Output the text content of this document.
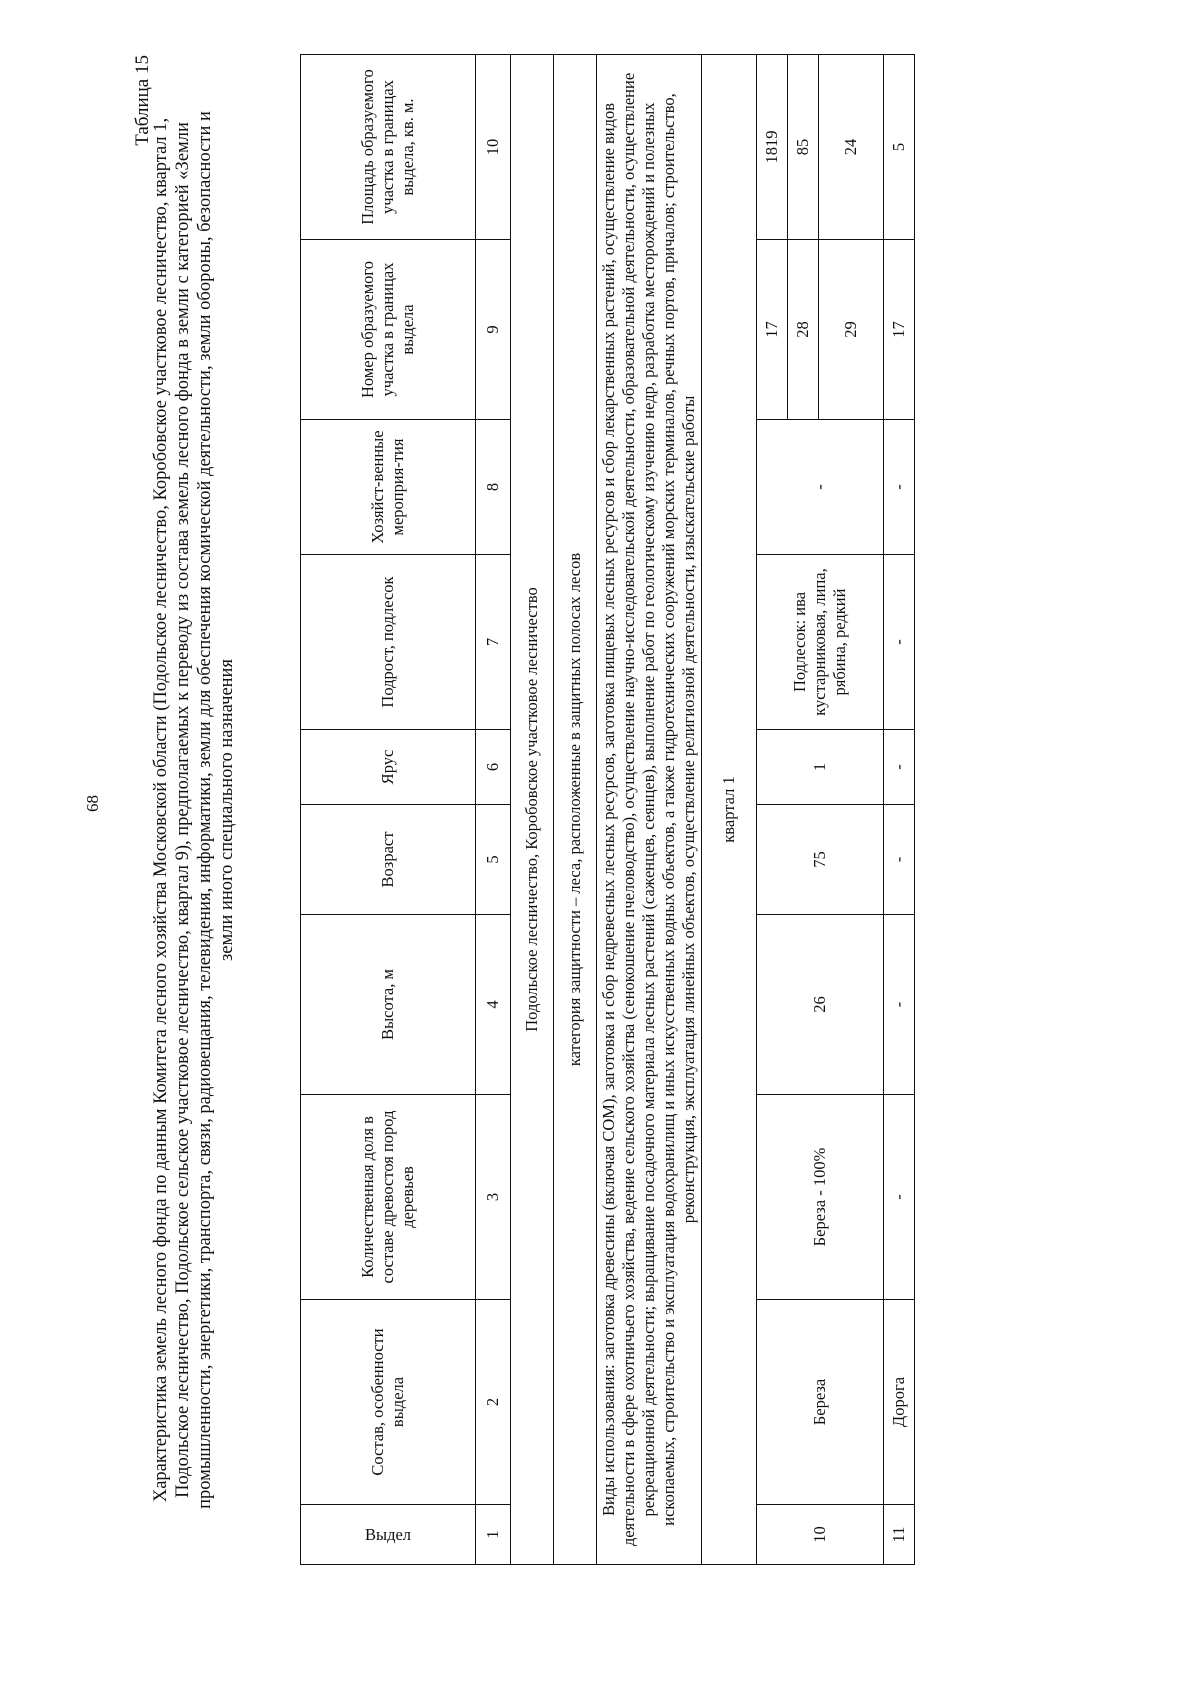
68
Таблица 15
Характеристика земель лесного фонда по данным Комитета лесного хозяйства Московской области (Подольское лесничество, Коробовское участковое лесничество, квартал 1, Подольское лесничество, Подольское сельское участковое лесничество, квартал 9), предполагаемых к переводу из состава земель лесного фонда в земли с категорией «Земли промышленности, энергетики, транспорта, связи, радиовещания, телевидения, информатики, земли для обеспечения космической деятельности, земли обороны, безопасности и земли иного специального назначения
Выдел	Состав, особенности выдела	Количественная доля в составе древостоя пород деревьев	Высота, м	Возраст	Ярус	Подрост, подлесок	Хозяйст-венные мероприя-тия	Номер образуемого участка в границах выдела	Площадь образуемого участка в границах выдела, кв. м.
1	2	3	4	5	6	7	8	9	10
Подольское лесничество, Коробовское участковое лесничество									
категория защитности – леса, расположенные в защитных полосах лесов									
Виды использования: заготовка древесины (включая СОМ), заготовка и сбор недревесных лесных ресурсов, заготовка пищевых лесных ресурсов и сбор лекарственных растений, осуществление видов деятельности в сфере охотничьего хозяйства, ведение сельского хозяйства (сенокошение пчеловодство), осуществление научно-исследовательской деятельности, образовательной деятельности, осуществление рекреационной деятельности; выращивание посадочного материала лесных растений (саженцев, сеянцев), выполнение работ по геологическому изучению недр, разработка месторождений и полезных ископаемых, строительство и эксплуатация водохранилищ и иных искусственных водных объектов, а также гидротехнических сооружений морских терминалов, речных портов, причалов; строительство, реконструкция, эксплуатация линейных объектов, осуществление религиозной деятельности, изыскательские работы									
квартал 1									
10	Береза	Береза - 100%	26	75	1	Подлесок: ива кустарниковая, липа, рябина, редкий	-	17	1819
								28	85
								29	24
11	Дорога	-	-	-	-	-	-	17	5
